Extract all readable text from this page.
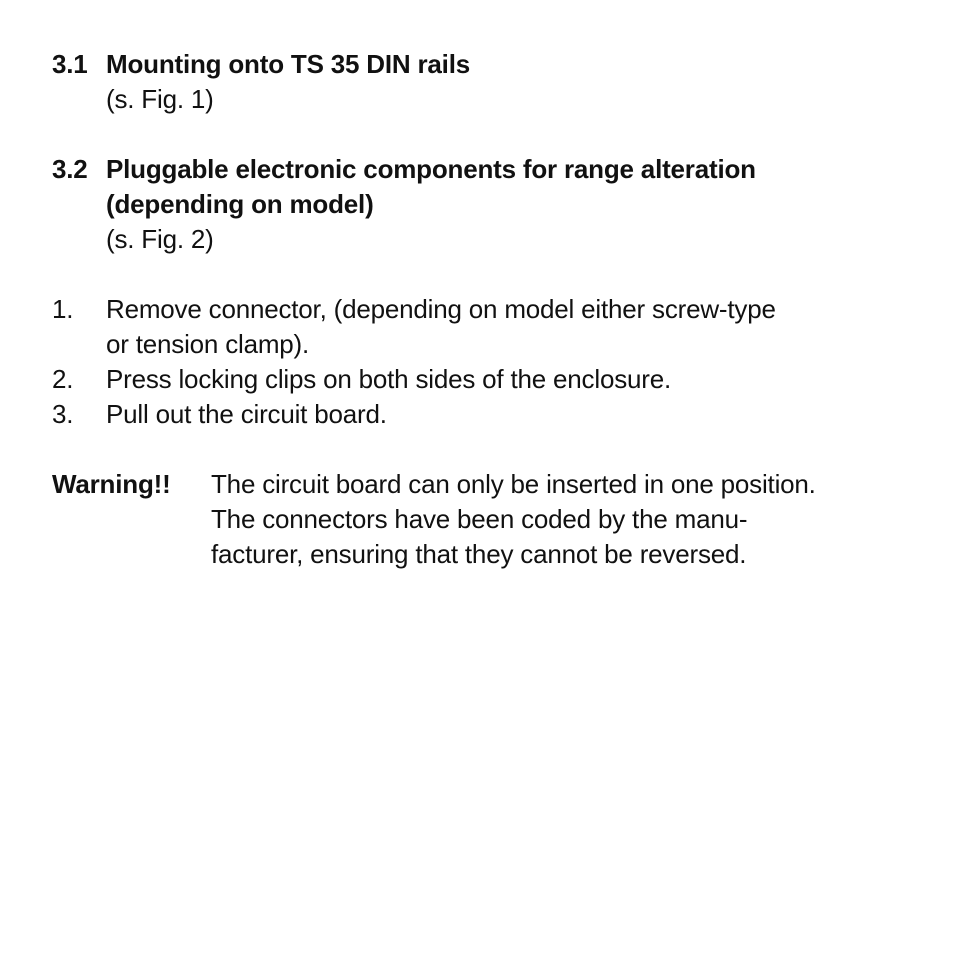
3.1 Mounting onto TS 35 DIN rails
(s. Fig. 1)
3.2 Pluggable electronic components for range alteration
(depending on model)
(s. Fig. 2)
1.	Remove connector, (depending on model either screw-type
or tension clamp).
2.	Press locking clips on both sides of the enclosure.
3.	Pull out the circuit board.
Warning!!	The circuit board can only be inserted in one position.
The connectors have been coded by the manu-
facturer, ensuring that they cannot be reversed.
